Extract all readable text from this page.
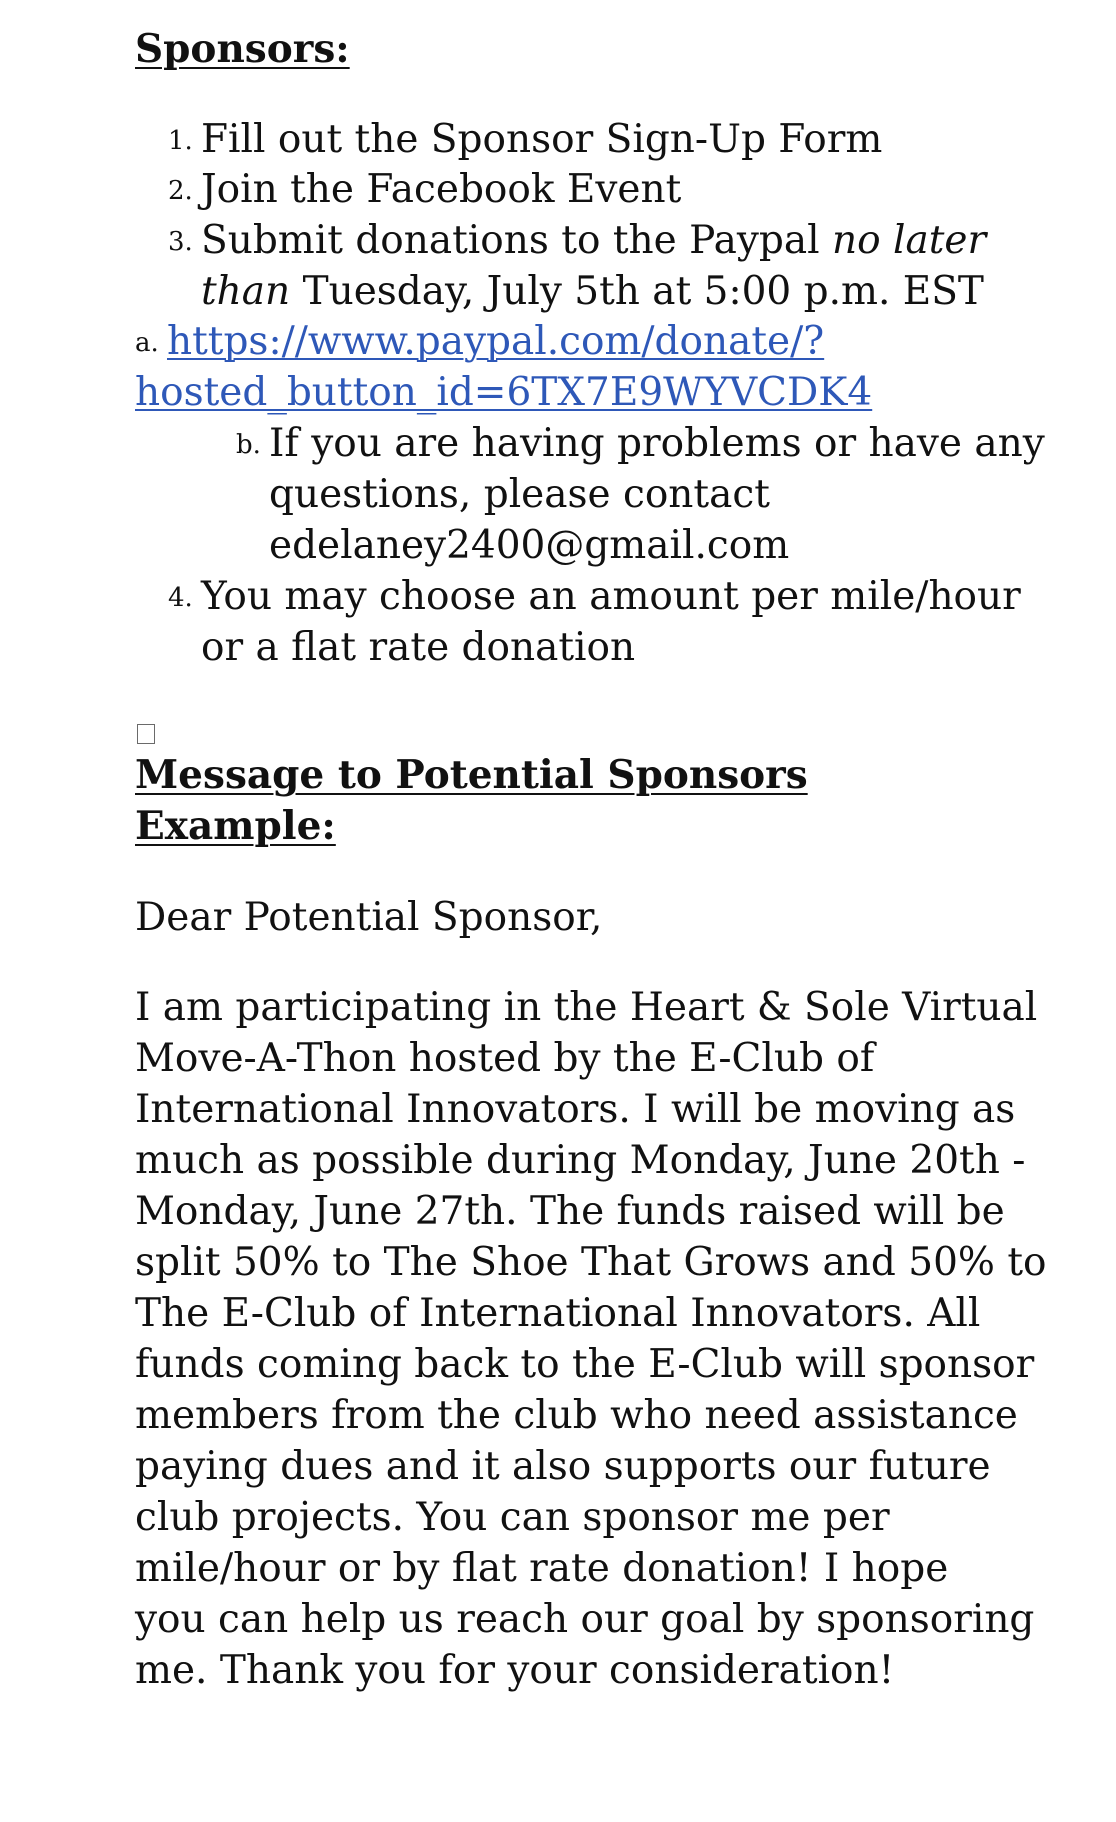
Sponsors:
1. Fill out the Sponsor Sign-Up Form
2. Join the Facebook Event
3. Submit donations to the Paypal no later
than Tuesday, July 5th at 5:00 p.m. EST
a. https://www.paypal.com/donate/?
hosted_button_id=6TX7E9WYVCDK4
b. If you are having problems or have any
questions, please contact
edelaney2400@gmail.com
4. You may choose an amount per mile/hour
or a flat rate donation
Message to Potential Sponsors
Example:
Dear Potential Sponsor,
I am participating in the Heart & Sole Virtual
Move-A-Thon hosted by the E-Club of
International Innovators. I will be moving as
much as possible during Monday, June 20th -
Monday, June 27th. The funds raised will be
split 50% to The Shoe That Grows and 50% to
The E-Club of International Innovators. All
funds coming back to the E-Club will sponsor
members from the club who need assistance
paying dues and it also supports our future
club projects. You can sponsor me per
mile/hour or by flat rate donation! I hope
you can help us reach our goal by sponsoring
me. Thank you for your consideration!
